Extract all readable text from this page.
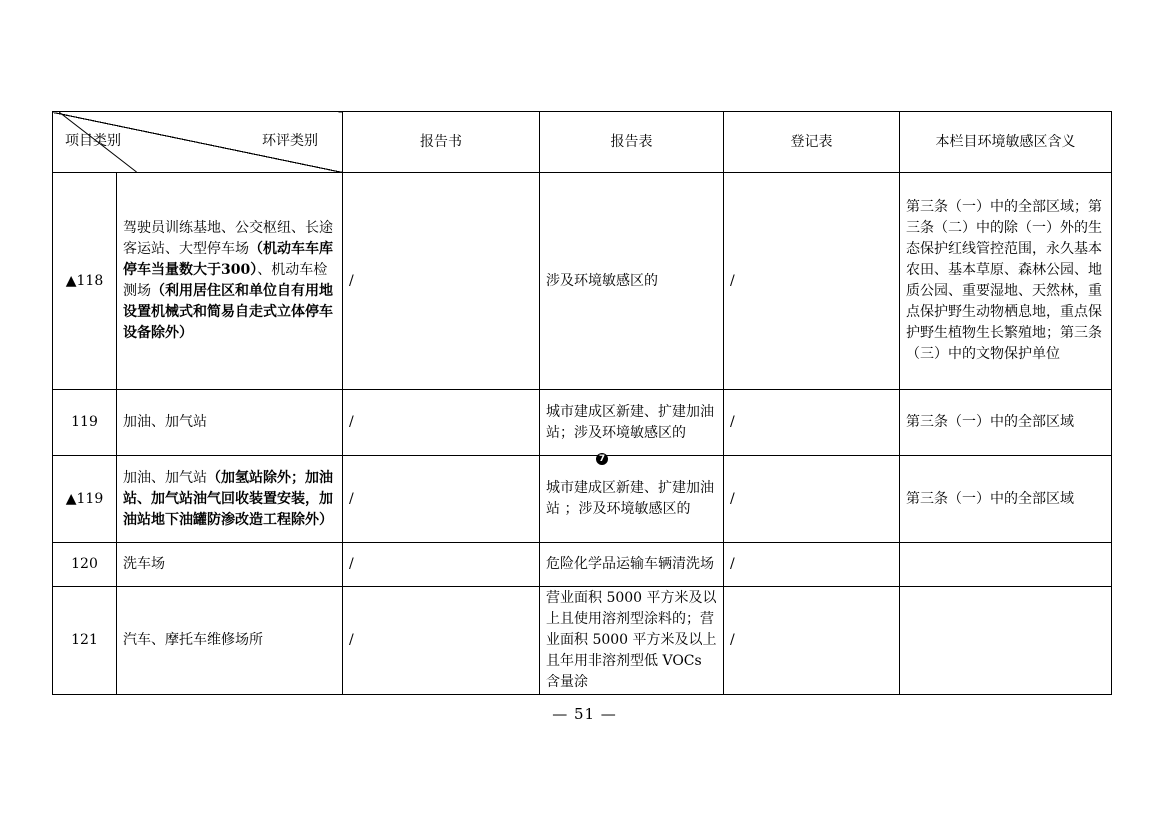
项目类别 环评类别		报告书	报告表	登记表	本栏目环境敏感区含义
▲118	驾驶员训练基地、公交枢纽、长途客运站、大型停车场（机动车车库停车当量数大于300）、机动车检测场（利用居住区和单位自有用地设置机械式和简易自走式立体停车设备除外）	/	涉及环境敏感区的	/	第三条（一）中的全部区域；第三条（二）中的除（一）外的生态保护红线管控范围，永久基本农田、基本草原、森林公园、地质公园、重要湿地、天然林，重点保护野生动物栖息地，重点保护野生植物生长繁殖地；第三条（三）中的文物保护单位
119	加油、加气站	/	城市建成区新建、扩建加油站；涉及环境敏感区的	/	第三条（一）中的全部区域
▲119	加油、加气站（加氢站除外；加油站、加气站油气回收装置安装，加油站地下油罐防渗改造工程除外）	/	城市建成区新建、扩建加油站 ；涉及环境敏感区的	/	第三条（一）中的全部区域
120	洗车场	/	危险化学品运输车辆清洗场	/	
121	汽车、摩托车维修场所	/	营业面积 5000 平方米及以上且使用溶剂型涂料的；营业面积 5000 平方米及以上且年用非溶剂型低 VOCs 含量涂	/	
7
— 51 —
